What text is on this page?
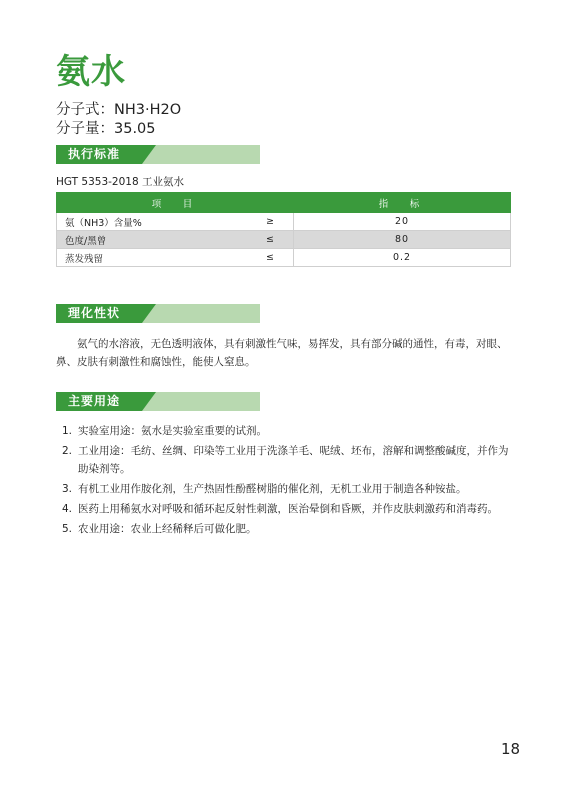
氨水
分子式：NH3·H2O
分子量：35.05
执行标准
HGT 5353-2018 工业氨水
项　目		指　标
氨（NH3）含量%	≥	20
色度/黑曾	≤	80
蒸发残留	≤	0.2
理化性状
　　氨气的水溶液，无色透明液体，具有刺激性气味，易挥发，具有部分碱的通性，有毒，对眼、鼻、皮肤有刺激性和腐蚀性，能使人窒息。
主要用途
1. 实验室用途：氨水是实验室重要的试剂。
2. 工业用途：毛纺、丝绸、印染等工业用于洗涤羊毛、呢绒、坯布，溶解和调整酸碱度，并作为助染剂等。
3. 有机工业用作胺化剂，生产热固性酚醛树脂的催化剂，无机工业用于制造各种铵盐。
4. 医药上用稀氨水对呼吸和循环起反射性刺激，医治晕倒和昏厥，并作皮肤刺激药和消毒药。
5. 农业用途：农业上经稀释后可做化肥。
18
